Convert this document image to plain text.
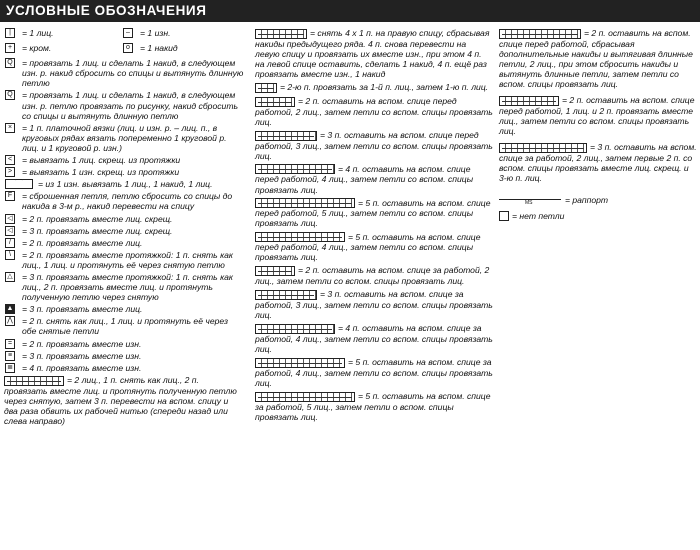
УСЛОВНЫЕ ОБОЗНАЧЕНИЯ
|	= 1 лиц.	–	= 1 изн.
+	= кром.	o	= 1 накид
Q = провязать 1 лиц. и сделать 1 накид, в следующем изн. р. накид сбросить со спицы и вытянуть длинную петлю
Q = провязать 1 лиц. и сделать 1 накид, в следующем изн. р. петлю провязать по рисунку, накид сбросить со спицы и вытянуть длинную петлю
×	= 1 п. платочной вязки (лиц. и изн. р. – лиц. п., в круговых рядах вязать попеременно 1 круговой р. лиц. и 1 круговой р. изн.)
<	= вывязать 1 лиц. скрещ. из протяжки
>	= вывязать 1 изн. скрещ. из протяжки
⌒	= из 1 изн. вывязать 1 лиц., 1 накид, 1 лиц.
F	= сброшенная петля, петлю сбросить со спицы до накида в 3-м р., накид перевести на спицу
◁ = 2 п. провязать вместе лиц. скрещ.
◁ = 3 п. провязать вместе лиц. скрещ.
/	= 2 п. провязать вместе лиц.
\	= 2 п. провязать вместе протяжкой: 1 п. снять как лиц., 1 лиц. и протянуть её через снятую петлю
△ = 3 п. провязать вместе протяжкой: 1 п. снять как лиц., 2 п. провязать вместе лиц. и протянуть полученную петлю через снятую
▲ = 3 п. провязать вместе лиц.
⋀ = 2 п. снять как лиц., 1 лиц. и протянуть её через обе снятые петли
=	= 2 п. провязать вместе изн.
≡	= 3 п. провязать вместе изн.
≣ = 4 п. провязать вместе изн.
= 2 лиц., 1 п. снять как лиц., 2 п. провязать вместе лиц. и протянуть полученную петлю через снятую, затем 3 п. перевести на вспом. спицу и два раза обвить их рабочей нитью (спереди назад или слева направо)
= снять 4 х 1 п. на правую спицу, сбрасывая накиды предыдущего ряда. 4 п. снова перевести на левую спицу и провязать их вместе изн., при этом 4 п. на левой спице оставить, сделать 1 накид, 4 п. ещё раз провязать вместе изн., 1 накид
= 2-ю п. провязать за 1-й п. лиц., затем 1-ю п. лиц.
= 2 п. оставить на вспом. спице перед работой, 2 лиц., затем петли со вспом. спицы провязать лиц.
= 3 п. оставить на вспом. спице перед работой, 3 лиц., затем петли со вспом. спицы провязать лиц.
= 4 п. оставить на вспом. спице перед работой, 4 лиц., затем петли со вспом. спицы провязать лиц.
= 5 п. оставить на вспом. спице перед работой, 5 лиц., затем петли со вспом. спицы провязать лиц.
= 5 п. оставить на вспом. спице перед работой, 4 лиц., затем петли со вспом. спицы провязать лиц.
= 2 п. оставить на вспом. спице за работой, 2 лиц., затем петли со вспом. спицы провязать лиц.
= 3 п. оставить на вспом. спице за работой, 3 лиц., затем петли со вспом. спицы провязать лиц.
= 4 п. оставить на вспом. спице за работой, 4 лиц., затем петли со вспом. спицы провязать лиц.
= 5 п. оставить на вспом. спице за работой, 4 лиц., затем петли со вспом. спицы провязать лиц.
= 5 п. оставить на вспом. спице за работой, 5 лиц., затем петли о вспом. спицы провязать лиц.
= 2 п. оставить на вспом. спице перед работой, сбрасывая дополнительные накиды и вытягивая длинные петли, 2 лиц., при этом сбросить накиды и вытянуть длинные петли, затем петли со вспом. спицы провязать лиц.
= 2 п. оставить на вспом. спице перед работой, 1 лиц. и 2 п. провязать вместе лиц., затем петли со вспом. спицы провязать лиц.
= 3 п. оставить на вспом. спице за работой, 2 лиц., затем первые 2 п. со вспом. спицы провязать вместе лиц. скрещ. и 3-ю п. лиц.
MS	= раппорт
= нет петли
